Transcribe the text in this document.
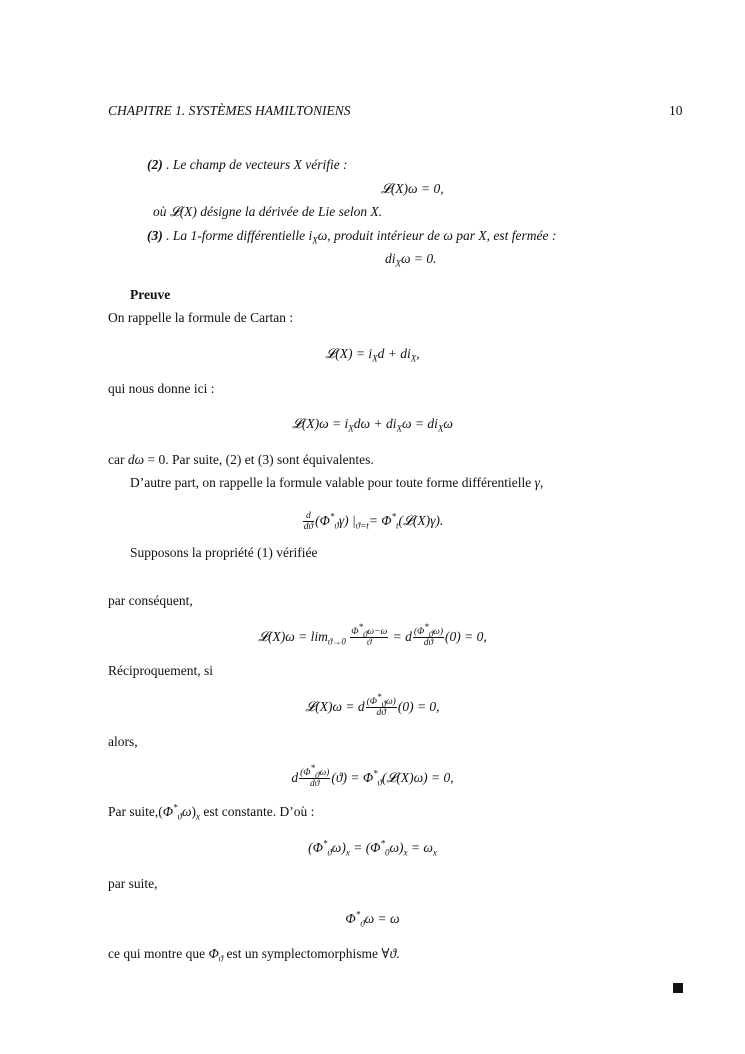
CHAPITRE 1. SYSTÈMES HAMILTONIENS	10
(2) . Le champ de vecteurs X vérifie :
𝓛(X)ω = 0,
où 𝓛(X) désigne la dérivée de Lie selon X.
(3) . La 1-forme différentielle $i_X\omega$, produit intérieur de ω par X, est fermée :
$di_X\omega = 0$.
Preuve
On rappelle la formule de Cartan :
𝓛(X) = $i_Xd + di_X$,
qui nous donne ici :
𝓛(X)ω = $i_Xd\omega + di_X\omega = di_X\omega$
car dω = 0. Par suite, (2) et (3) sont équivalentes.
D’autre part, on rappelle la formule valable pour toute forme différentielle γ,
$\frac{d}{dϑ} (\Phi^*_ϑ\gamma)$ $|_{ϑ=t}=$ $\Phi^*_t(𝓛(X)\gamma)$.
Supposons la propriété (1) vérifiée
par conséquent,
𝓛(X)ω = $\lim_{ϑ\to 0} \frac{\Phi^*_ϑ\omega-\omega}{ϑ} = d \frac{(\Phi^*_ϑ\omega)}{dϑ} (0) = 0$,
Réciproquement, si
𝓛(X)ω = d $\frac{(\Phi^*_ϑ\omega)}{dϑ} (0) = 0$,
alors,
d $\frac{(\Phi^*_ϑ\omega)}{dϑ} (ϑ)$ = $\Phi^*_ϑ(𝓛(X)\omega) = 0$,
Par $suite,(\Phi^*_ϑ\omega)_x$ est constante. D’où :
$(\Phi^*_ϑ\omega)_x = (\Phi^*_0\omega)_x = \omega_x$
par suite,
$\Phi^*_ϑ\omega = \omega$
ce qui montre que $\Phi_ϑ$ est un symplectomorphisme ∀ϑ.
